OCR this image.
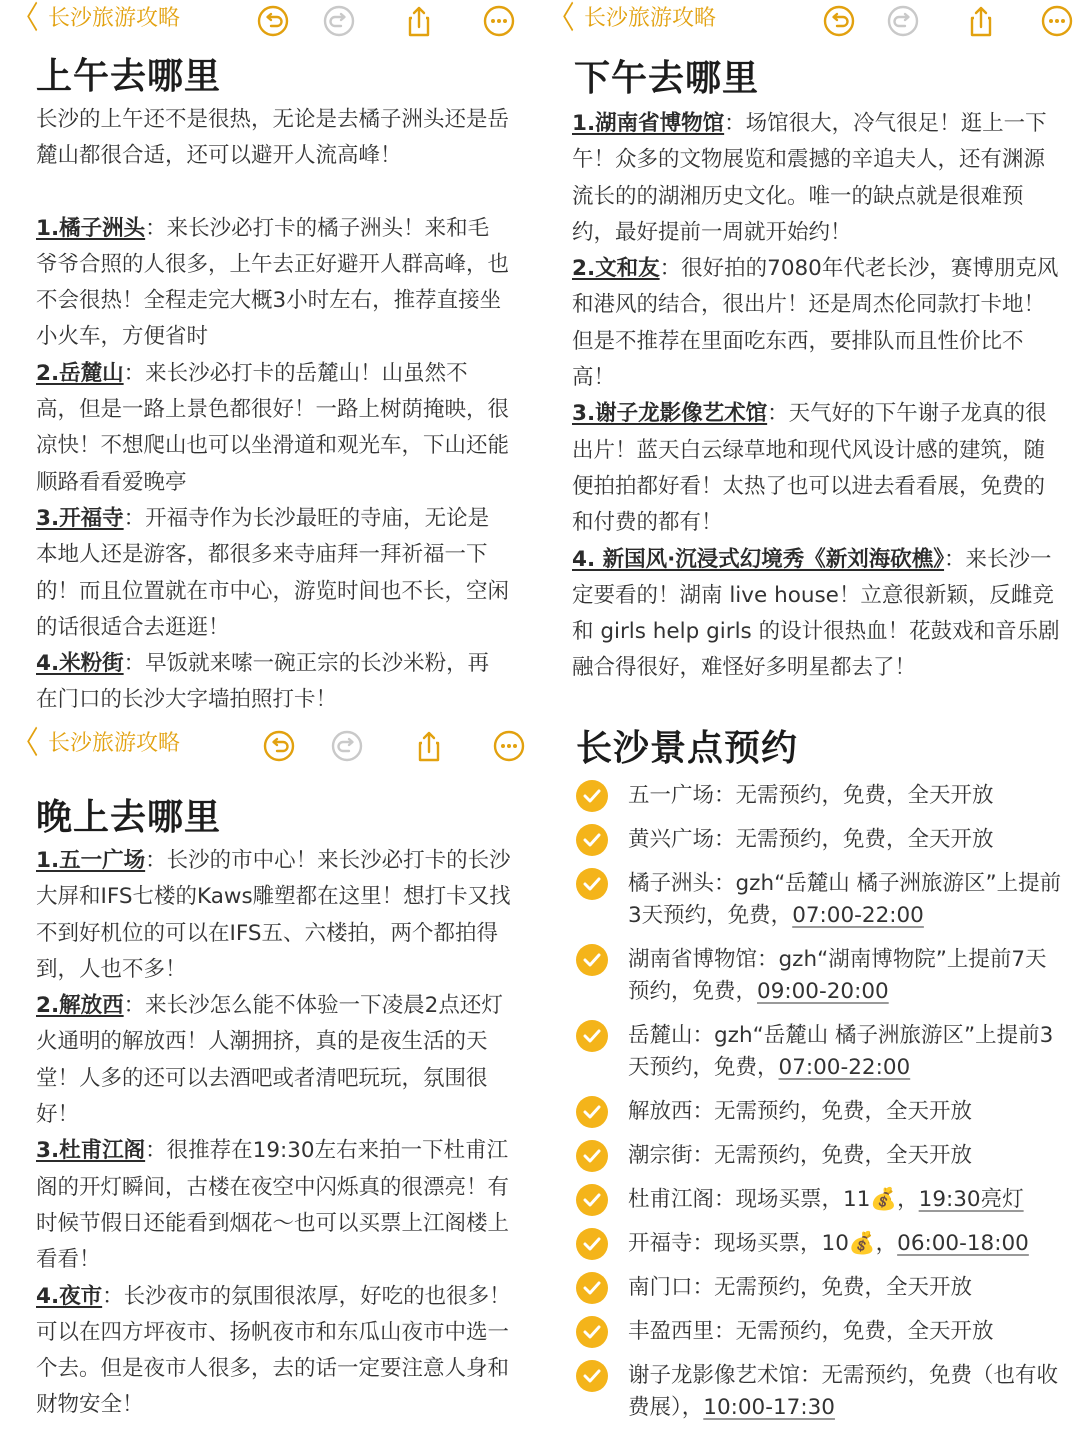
〈 长沙旅游攻略
上午去哪里

长沙的上午还不是很热，无论是去橘子洲头还是岳麓山都很合适，还可以避开人流高峰！

1.橘子洲头：来长沙必打卡的橘子洲头！来和毛爷爷合照的人很多，上午去正好避开人群高峰，也不会很热！全程走完大概3小时左右，推荐直接坐小火车，方便省时

2.岳麓山：来长沙必打卡的岳麓山！山虽然不高，但是一路上景色都很好！一路上树荫掩映，很凉快！不想爬山也可以坐滑道和观光车，下山还能顺路看看爱晚亭

3.开福寺：开福寺作为长沙最旺的寺庙，无论是本地人还是游客，都很多来寺庙拜一拜祈福一下的！而且位置就在市中心，游览时间也不长，空闲的话很适合去逛逛！

4.米粉街：早饭就来嗦一碗正宗的长沙米粉，再在门口的长沙大字墙拍照打卡！

〈 长沙旅游攻略
下午去哪里

1.湖南省博物馆：场馆很大，冷气很足！逛上一下午！众多的文物展览和震撼的辛追夫人，还有渊源流长的的湖湘历史文化。唯一的缺点就是很难预约，最好提前一周就开始约！

2.文和友：很好拍的7080年代老长沙，赛博朋克风和港风的结合，很出片！还是周杰伦同款打卡地！但是不推荐在里面吃东西，要排队而且性价比不高！

3.谢子龙影像艺术馆：天气好的下午谢子龙真的很出片！蓝天白云绿草地和现代风设计感的建筑，随便拍拍都好看！太热了也可以进去看看展，免费的和付费的都有！

4. 新国风·沉浸式幻境秀《新刘海砍樵》：来长沙一定要看的！湖南 live house！立意很新颖，反雌竞和 girls help girls 的设计很热血！花鼓戏和音乐剧融合得很好，难怪好多明星都去了！

〈 长沙旅游攻略
晚上去哪里

1.五一广场：长沙的市中心！来长沙必打卡的长沙大屏和IFS七楼的Kaws雕塑都在这里！想打卡又找不到好机位的可以在IFS五、六楼拍，两个都拍得到，人也不多！

2.解放西：来长沙怎么能不体验一下凌晨2点还灯火通明的解放西！人潮拥挤，真的是夜生活的天堂！人多的还可以去酒吧或者清吧玩玩，氛围很好！

3.杜甫江阁：很推荐在19:30左右来拍一下杜甫江阁的开灯瞬间，古楼在夜空中闪烁真的很漂亮！有时候节假日还能看到烟花～也可以买票上江阁楼上看看！

4.夜市：长沙夜市的氛围很浓厚，好吃的也很多！可以在四方坪夜市、扬帆夜市和东瓜山夜市中选一个去。但是夜市人很多，去的话一定要注意人身和财物安全！

长沙景点预约
五一广场：无需预约，免费，全天开放
黄兴广场：无需预约，免费，全天开放
橘子洲头：gzh“岳麓山 橘子洲旅游区”上提前3天预约，免费，07:00-22:00
湖南省博物馆：gzh“湖南博物院”上提前7天预约，免费，09:00-20:00
岳麓山：gzh“岳麓山 橘子洲旅游区”上提前3天预约，免费，07:00-22:00
解放西：无需预约，免费，全天开放
潮宗街：无需预约，免费，全天开放
杜甫江阁：现场买票，11💰，19:30亮灯
开福寺：现场买票，10💰，06:00-18:00
南门口：无需预约，免费，全天开放
丰盈西里：无需预约，免费，全天开放
谢子龙影像艺术馆：无需预约，免费（也有收费展），10:00-17:30
